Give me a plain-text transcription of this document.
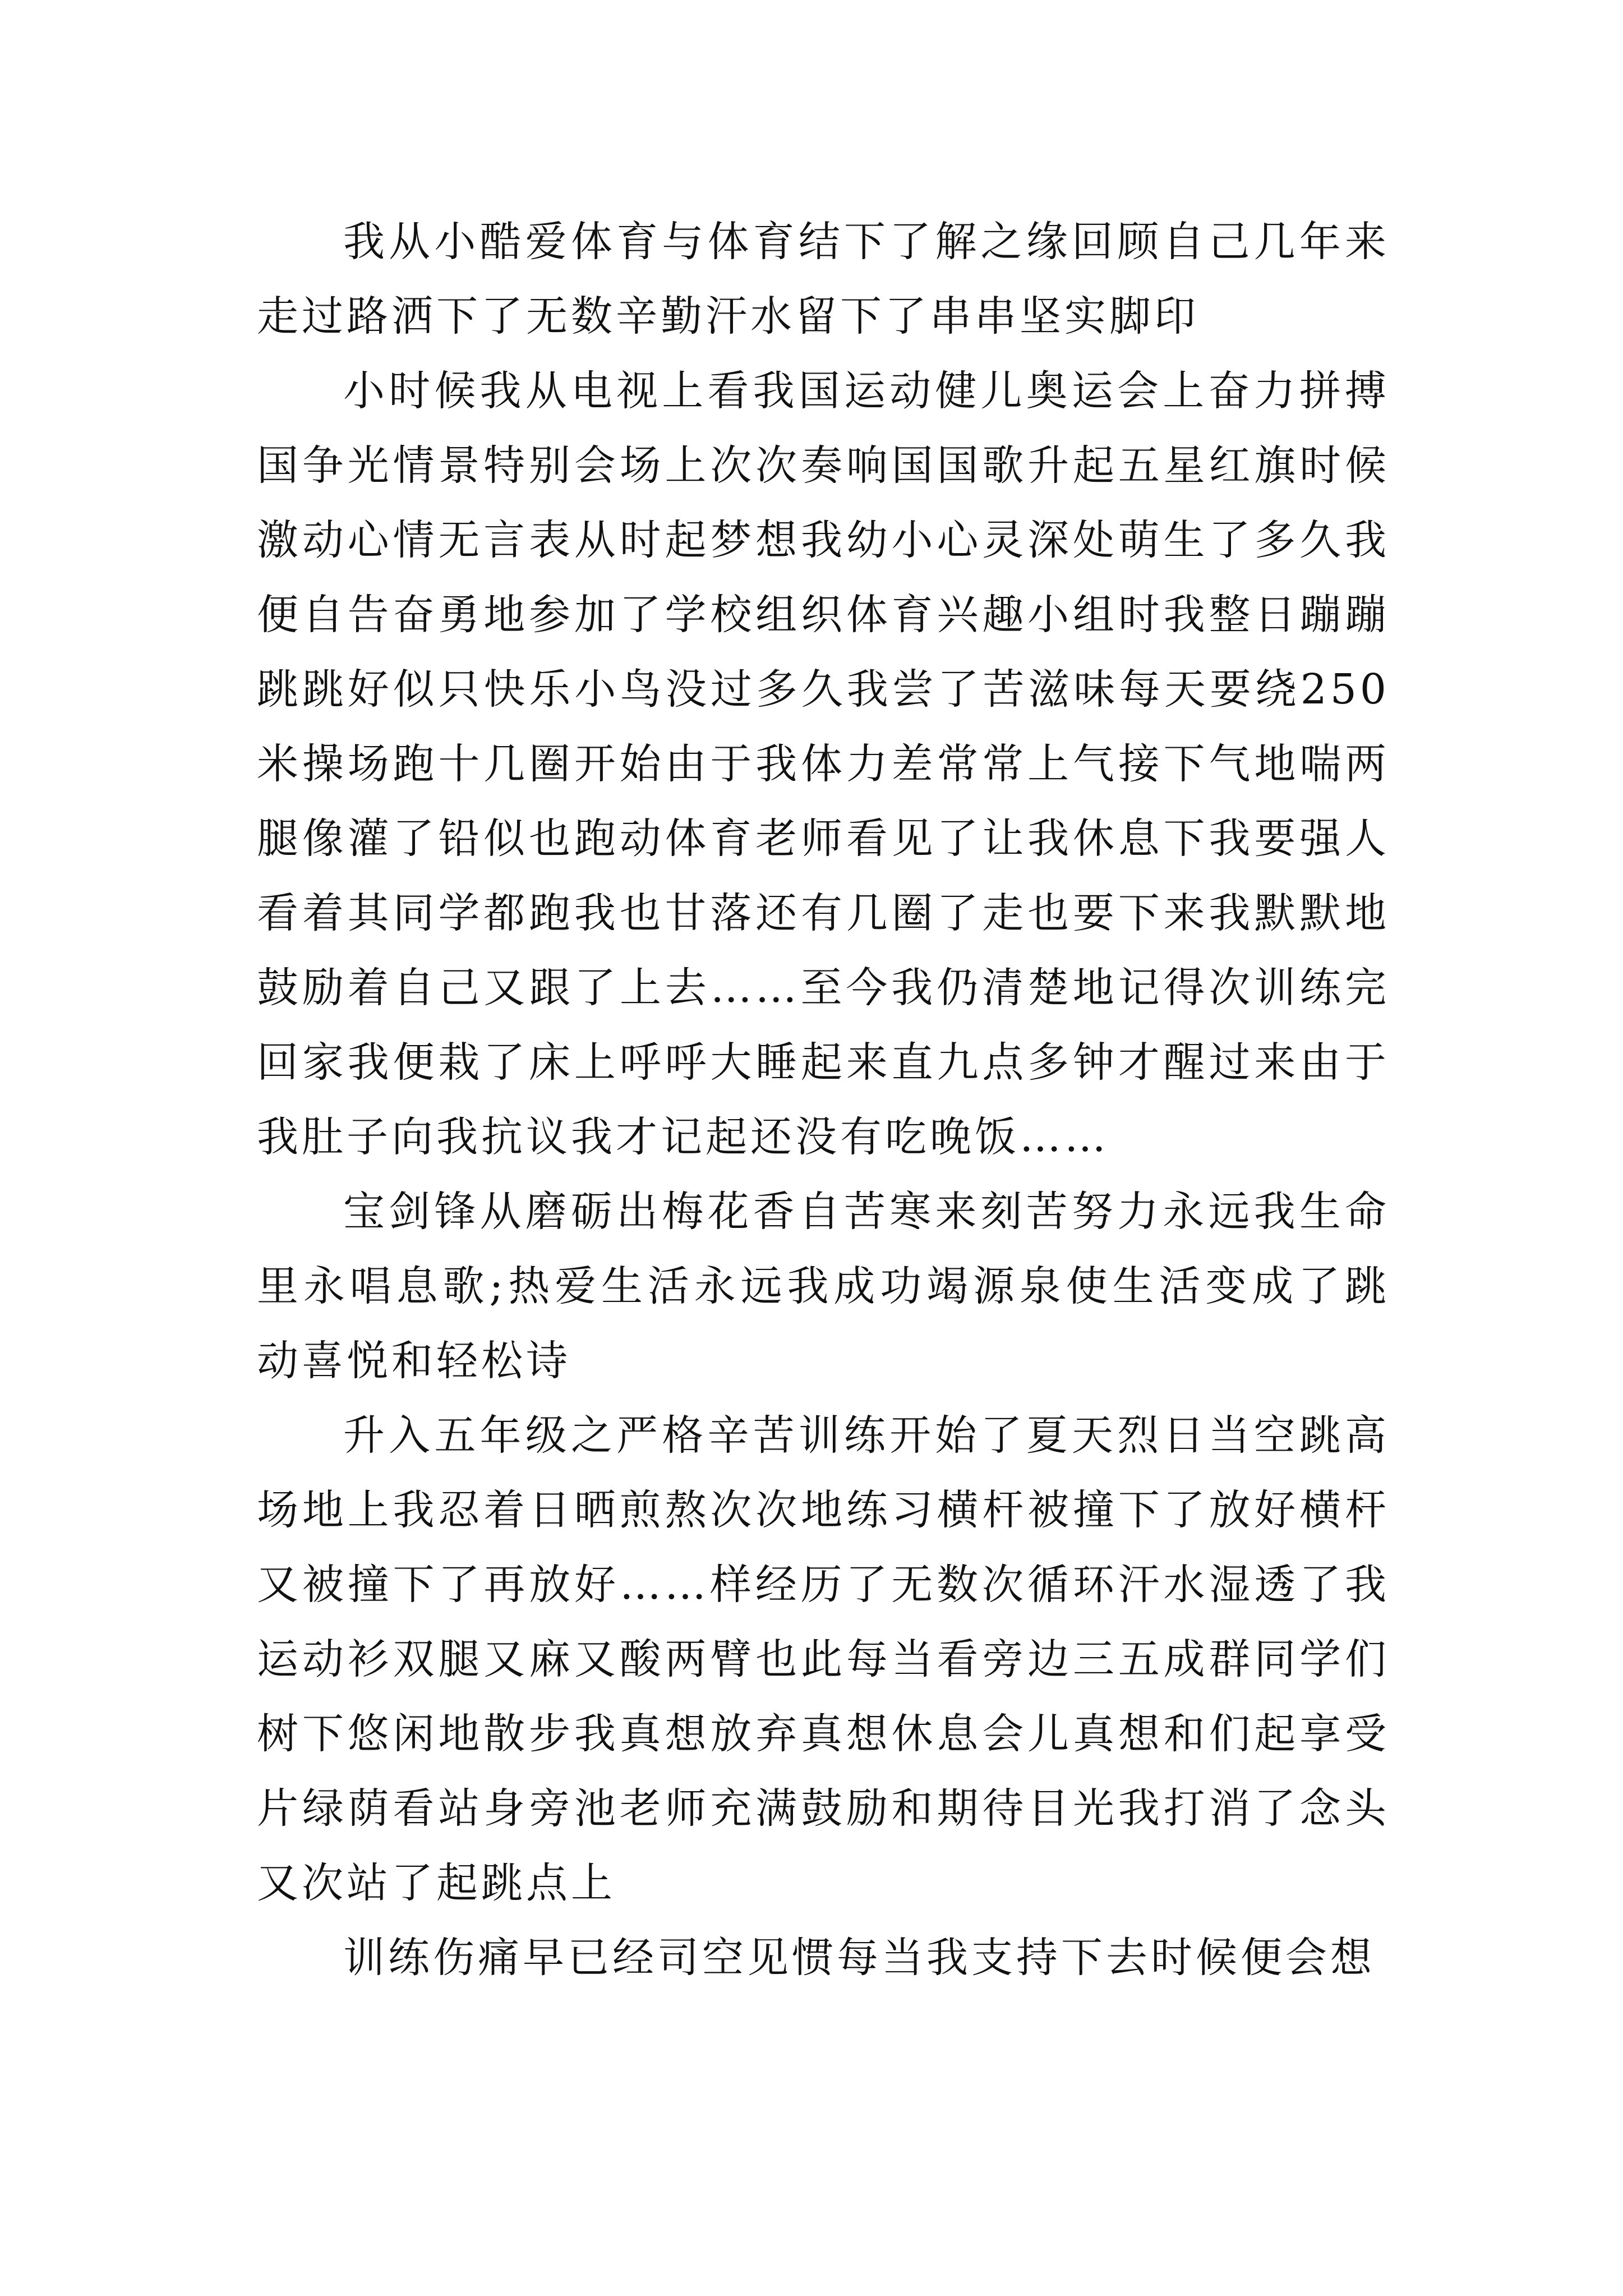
我从小酷爱体育与体育结下了解之缘回顾自己几年来走过路洒下了无数辛勤汗水留下了串串坚实脚印

小时候我从电视上看我国运动健儿奥运会上奋力拼搏国争光情景特别会场上次次奏响国国歌升起五星红旗时候激动心情无言表从时起梦想我幼小心灵深处萌生了多久我便自告奋勇地参加了学校组织体育兴趣小组时我整日蹦蹦跳跳好似只快乐小鸟没过多久我尝了苦滋味每天要绕250米操场跑十几圈开始由于我体力差常常上气接下气地喘两腿像灌了铅似也跑动体育老师看见了让我休息下我要强人看着其同学都跑我也甘落还有几圈了走也要下来我默默地鼓励着自己又跟了上去……至今我仍清楚地记得次训练完回家我便栽了床上呼呼大睡起来直九点多钟才醒过来由于我肚子向我抗议我才记起还没有吃晚饭……

宝剑锋从磨砺出梅花香自苦寒来刻苦努力永远我生命里永唱息歌;热爱生活永远我成功竭源泉使生活变成了跳动喜悦和轻松诗

升入五年级之严格辛苦训练开始了夏天烈日当空跳高场地上我忍着日晒煎熬次次地练习横杆被撞下了放好横杆又被撞下了再放好……样经历了无数次循环汗水湿透了我运动衫双腿又麻又酸两臂也此每当看旁边三五成群同学们树下悠闲地散步我真想放弃真想休息会儿真想和们起享受片绿荫看站身旁池老师充满鼓励和期待目光我打消了念头又次站了起跳点上

训练伤痛早已经司空见惯每当我支持下去时候便会想
